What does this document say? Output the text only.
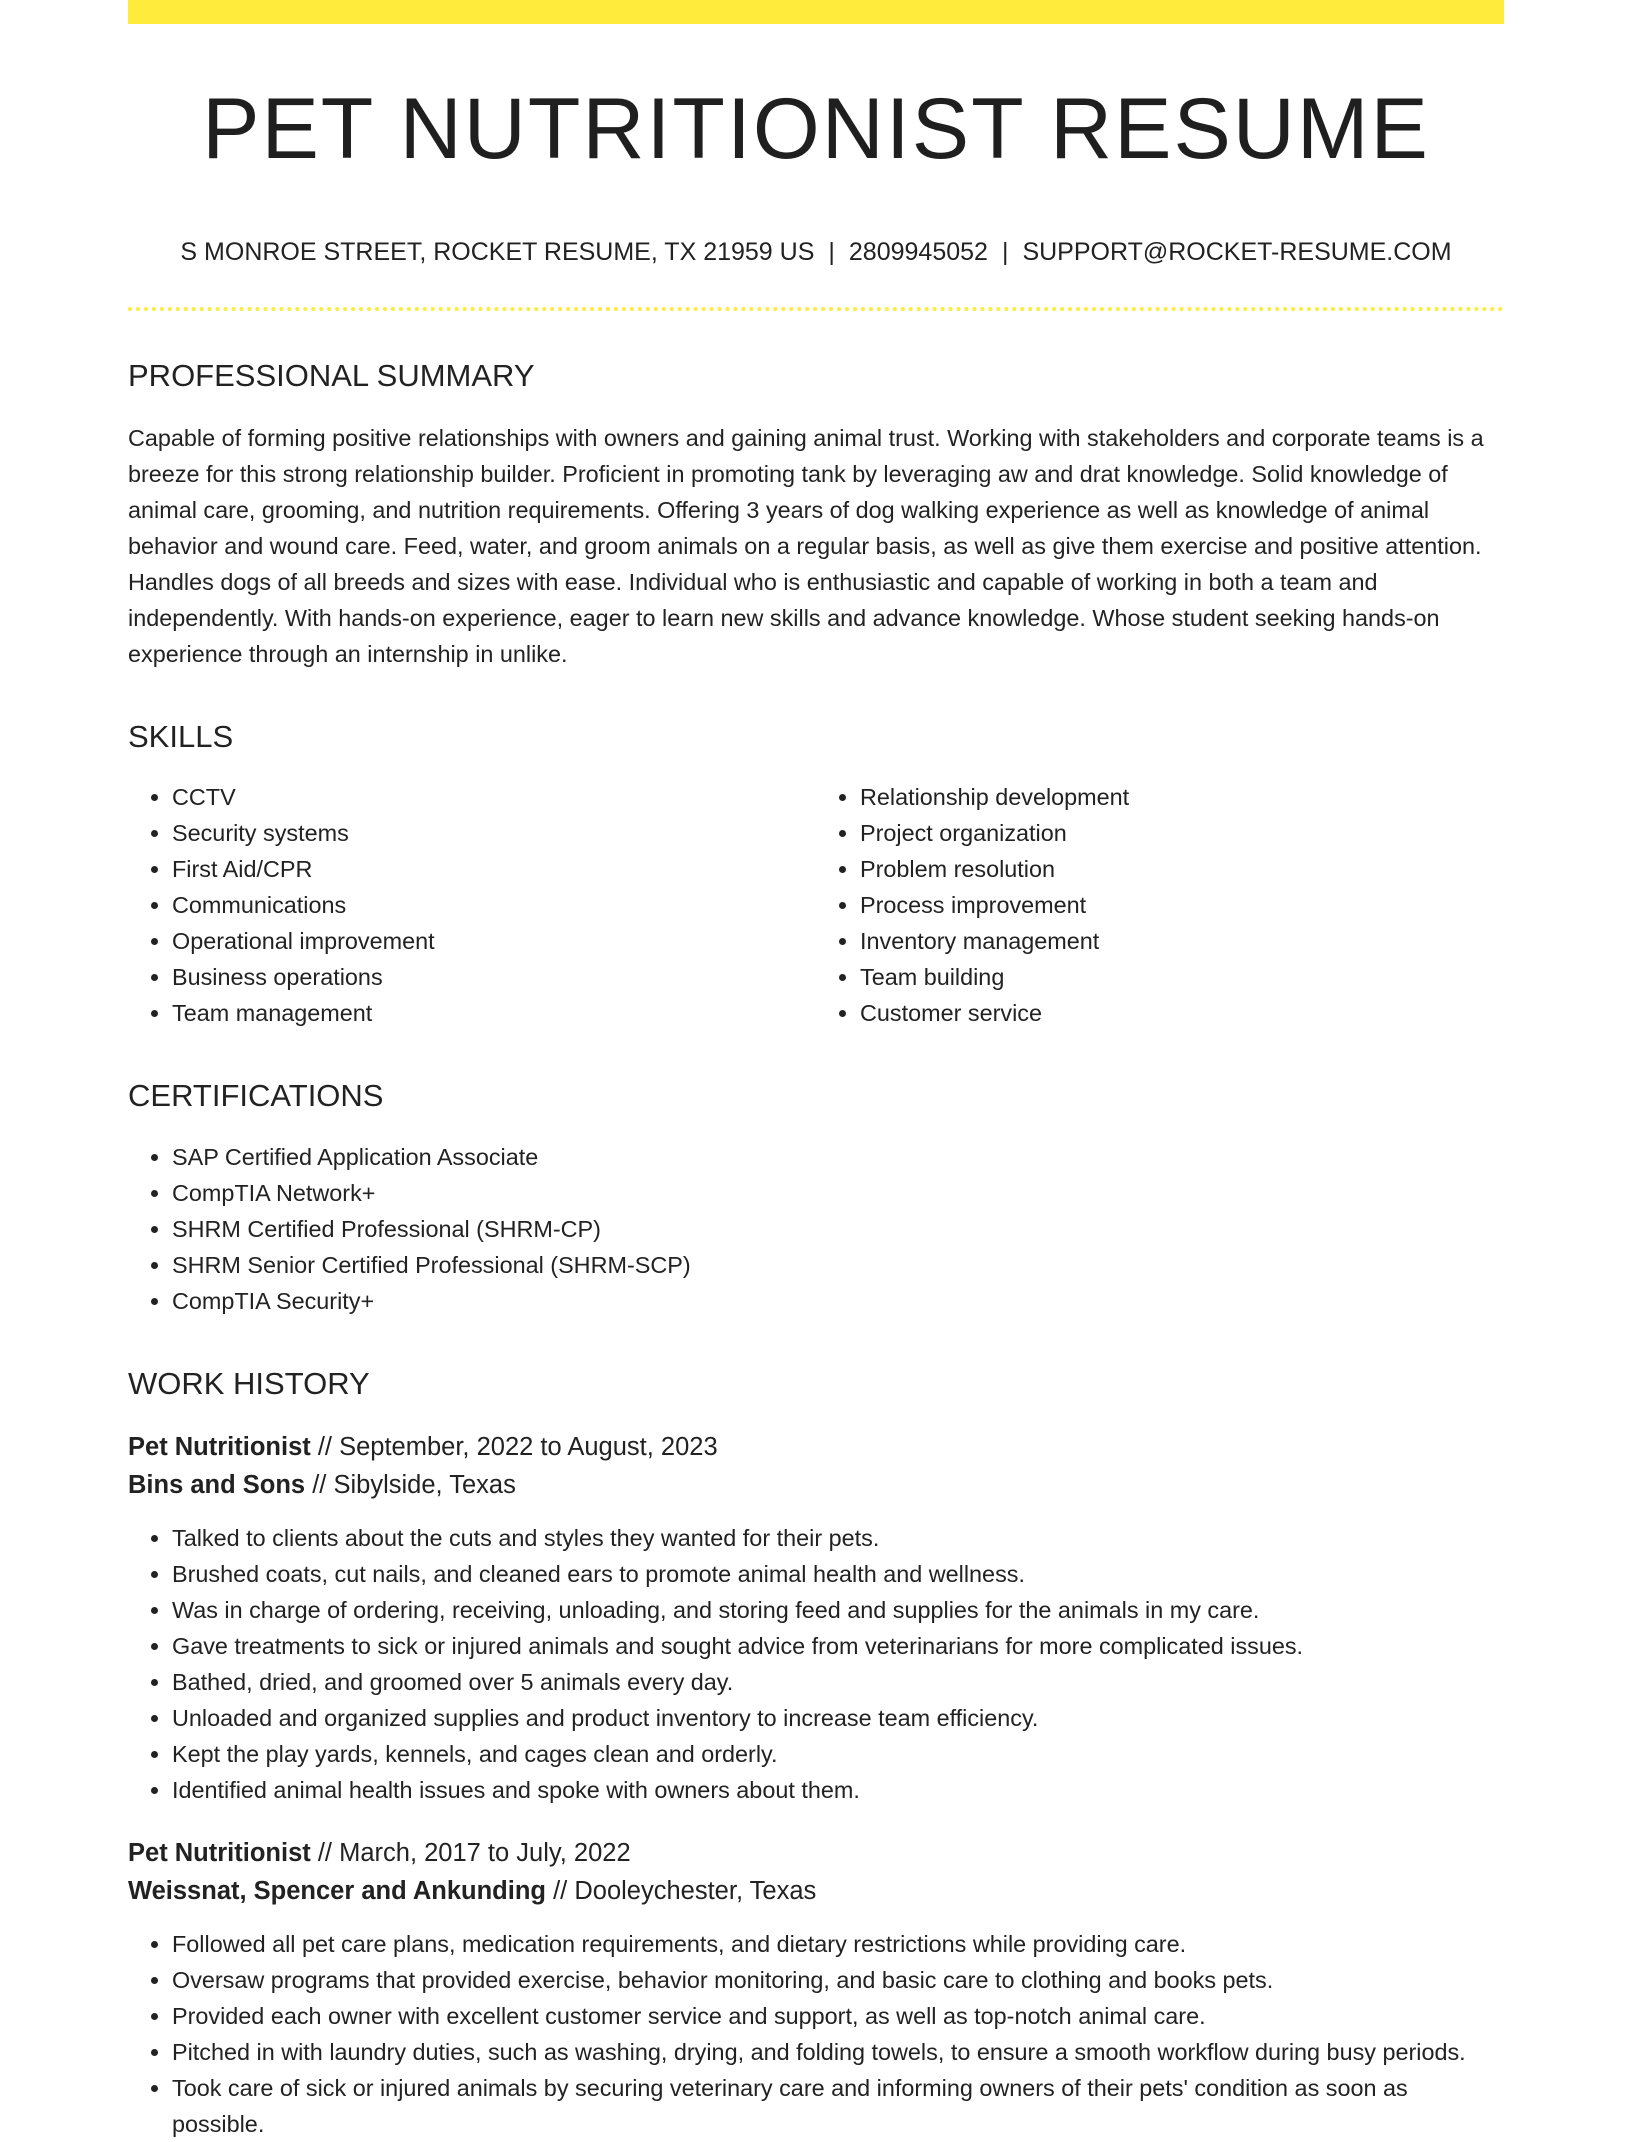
PET NUTRITIONIST RESUME
S MONROE STREET, ROCKET RESUME, TX 21959 US | 2809945052 | SUPPORT@ROCKET-RESUME.COM
PROFESSIONAL SUMMARY

Capable of forming positive relationships with owners and gaining animal trust. Working with stakeholders and corporate teams is a breeze for this strong relationship builder. Proficient in promoting tank by leveraging aw and drat knowledge. Solid knowledge of animal care, grooming, and nutrition requirements. Offering 3 years of dog walking experience as well as knowledge of animal behavior and wound care. Feed, water, and groom animals on a regular basis, as well as give them exercise and positive attention. Handles dogs of all breeds and sizes with ease. Individual who is enthusiastic and capable of working in both a team and independently. With hands-on experience, eager to learn new skills and advance knowledge. Whose student seeking hands-on experience through an internship in unlike.

SKILLS
• CCTV
• Security systems
• First Aid/CPR
• Communications
• Operational improvement
• Business operations
• Team management
• Relationship development
• Project organization
• Problem resolution
• Process improvement
• Inventory management
• Team building
• Customer service
CERTIFICATIONS
• SAP Certified Application Associate
• CompTIA Network+
• SHRM Certified Professional (SHRM-CP)
• SHRM Senior Certified Professional (SHRM-SCP)
• CompTIA Security+
WORK HISTORY
Pet Nutritionist // September, 2022 to August, 2023
Bins and Sons // Sibylside, Texas
• Talked to clients about the cuts and styles they wanted for their pets.
• Brushed coats, cut nails, and cleaned ears to promote animal health and wellness.
• Was in charge of ordering, receiving, unloading, and storing feed and supplies for the animals in my care.
• Gave treatments to sick or injured animals and sought advice from veterinarians for more complicated issues.
• Bathed, dried, and groomed over 5 animals every day.
• Unloaded and organized supplies and product inventory to increase team efficiency.
• Kept the play yards, kennels, and cages clean and orderly.
• Identified animal health issues and spoke with owners about them.
Pet Nutritionist // March, 2017 to July, 2022
Weissnat, Spencer and Ankunding // Dooleychester, Texas
• Followed all pet care plans, medication requirements, and dietary restrictions while providing care.
• Oversaw programs that provided exercise, behavior monitoring, and basic care to clothing and books pets.
• Provided each owner with excellent customer service and support, as well as top-notch animal care.
• Pitched in with laundry duties, such as washing, drying, and folding towels, to ensure a smooth workflow during busy periods.
• Took care of sick or injured animals by securing veterinary care and informing owners of their pets' condition as soon as possible.
